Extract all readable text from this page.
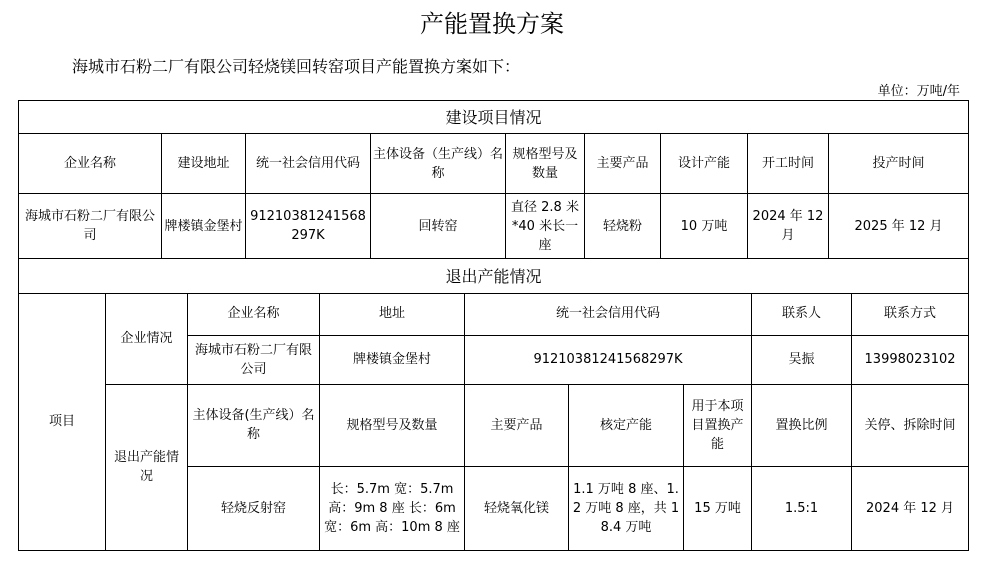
产能置换方案
海城市石粉二厂有限公司轻烧镁回转窑项目产能置换方案如下：
单位：万吨/年
建设项目情况								
企业名称	建设地址	统一社会信用代码	主体设备（生产线）名称	规格型号及数量	主要产品	设计产能	开工时间	投产时间
海城市石粉二厂有限公司	牌楼镇金堡村	91210381241568297K	回转窑	直径 2.8 米*40 米长一座	轻烧粉	10 万吨	2024 年 12 月	2025 年 12 月
退出产能情况								
项目	企业情况	企业名称	地址	统一社会信用代码			联系人	联系方式
		海城市石粉二厂有限公司	牌楼镇金堡村	91210381241568297K			吴振	13998023102
	退出产能情况	主体设备(生产线）名称	规格型号及数量	主要产品	核定产能	用于本项目置换产能	置换比例	关停、拆除时间
		轻烧反射窑	长：5.7m 宽：5.7m 高：9m 8 座 长：6m 宽：6m 高：10m 8 座	轻烧氧化镁	1.1 万吨 8 座、1.2 万吨 8 座，共 18.4 万吨	15 万吨	1.5:1	2024 年 12 月
